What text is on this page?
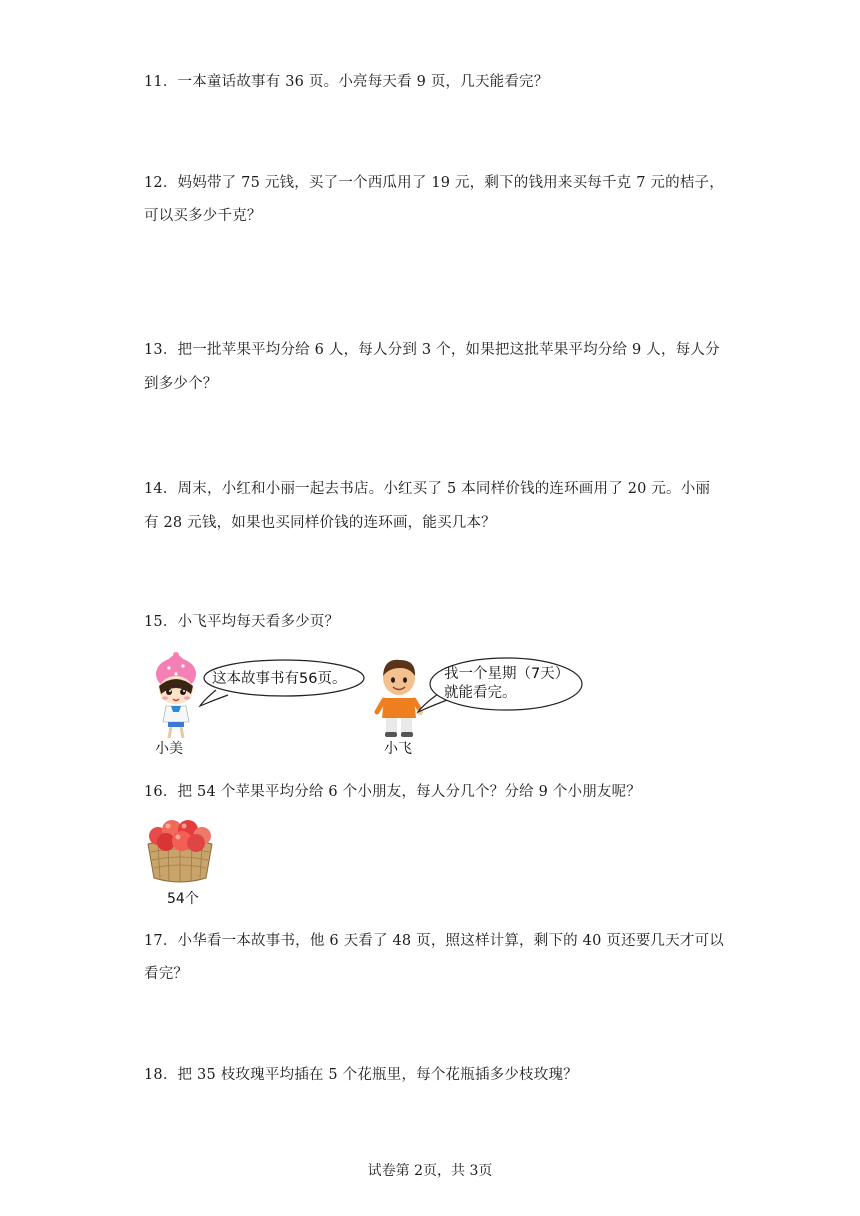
11．一本童话故事有 36 页。小亮每天看 9 页，几天能看完？
12．妈妈带了 75 元钱，买了一个西瓜用了 19 元，剩下的钱用来买每千克 7 元的桔子，
可以买多少千克？
13．把一批苹果平均分给 6 人，每人分到 3 个，如果把这批苹果平均分给 9 人，每人分
到多少个？
14．周末，小红和小丽一起去书店。小红买了 5 本同样价钱的连环画用了 20 元。小丽
有 28 元钱，如果也买同样价钱的连环画，能买几本？
15．小飞平均每天看多少页？
这本故事书有56页。
小美
我一个星期（7天）
就能看完。
小飞
16．把 54 个苹果平均分给 6 个小朋友，每人分几个？分给 9 个小朋友呢？
54个
17．小华看一本故事书，他 6 天看了 48 页，照这样计算，剩下的 40 页还要几天才可以
看完？
18．把 35 枝玫瑰平均插在 5 个花瓶里，每个花瓶插多少枝玫瑰？
试卷第 2页，共 3页
